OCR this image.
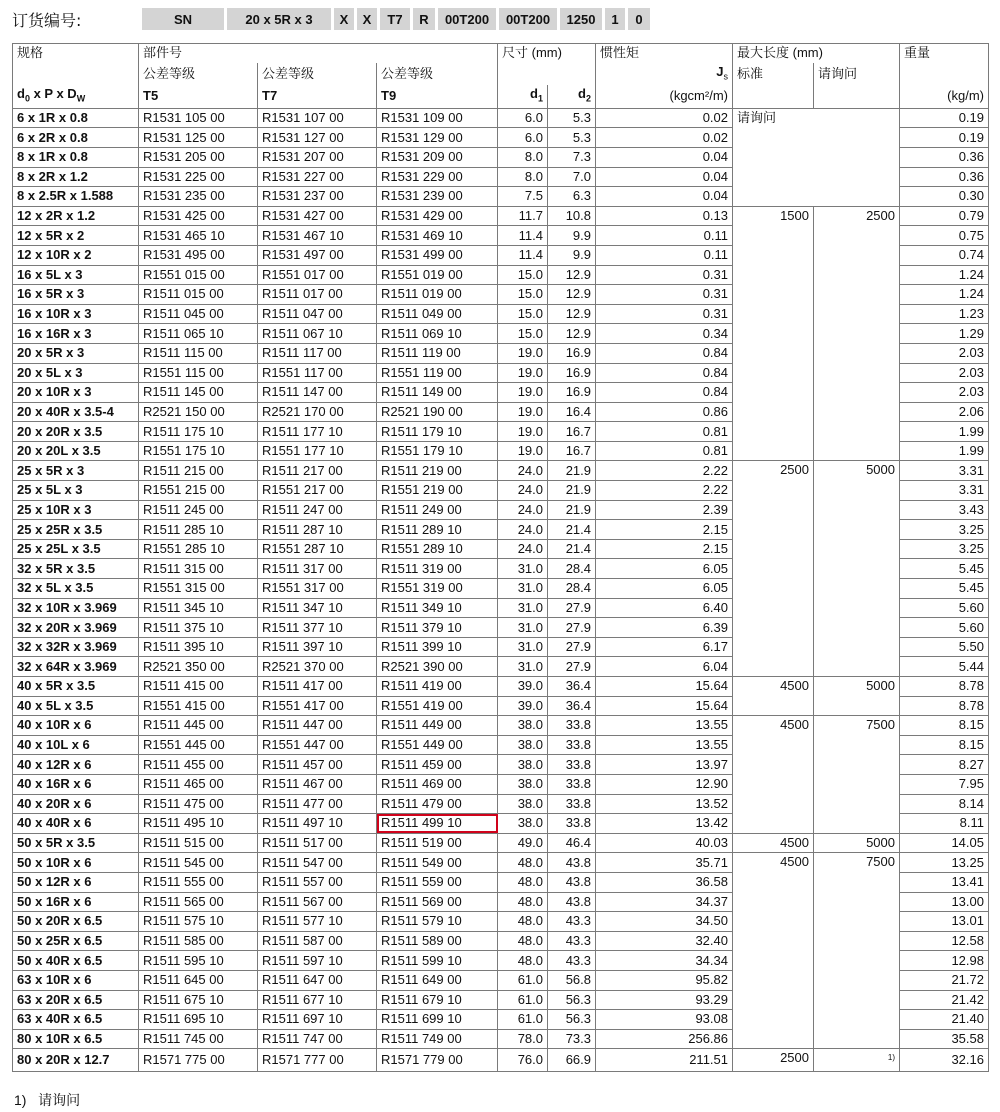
订货编号:	SN	20 x 5R x 3	X	X	T7	R	00T200	00T200	1250	1	0
规格	部件号			尺寸 (mm)		惯性矩	最大长度 (mm)		重量
	公差等级	公差等级	公差等级			$J_s$	标准	请询问	
$d_0$ x P x $D_W$	T5	T7	T9	$d_1$	$d_2$	(kgcm²/m)			(kg/m)
6 x 1R x 0.8	R1531 105 00	R1531 107 00	R1531 109 00	6.0	5.3	0.02	请询问		0.19
6 x 2R x 0.8	R1531 125 00	R1531 127 00	R1531 129 00	6.0	5.3	0.02			0.19
8 x 1R x 0.8	R1531 205 00	R1531 207 00	R1531 209 00	8.0	7.3	0.04			0.36
8 x 2R x 1.2	R1531 225 00	R1531 227 00	R1531 229 00	8.0	7.0	0.04			0.36
8 x 2.5R x 1.588	R1531 235 00	R1531 237 00	R1531 239 00	7.5	6.3	0.04			0.30
12 x 2R x 1.2	R1531 425 00	R1531 427 00	R1531 429 00	11.7	10.8	0.13	1500	2500	0.79
12 x 5R x 2	R1531 465 10	R1531 467 10	R1531 469 10	11.4	9.9	0.11			0.75
12 x 10R x 2	R1531 495 00	R1531 497 00	R1531 499 00	11.4	9.9	0.11			0.74
16 x 5L x 3	R1551 015 00	R1551 017 00	R1551 019 00	15.0	12.9	0.31			1.24
16 x 5R x 3	R1511 015 00	R1511 017 00	R1511 019 00	15.0	12.9	0.31			1.24
16 x 10R x 3	R1511 045 00	R1511 047 00	R1511 049 00	15.0	12.9	0.31			1.23
16 x 16R x 3	R1511 065 10	R1511 067 10	R1511 069 10	15.0	12.9	0.34			1.29
20 x 5R x 3	R1511 115 00	R1511 117 00	R1511 119 00	19.0	16.9	0.84			2.03
20 x 5L x 3	R1551 115 00	R1551 117 00	R1551 119 00	19.0	16.9	0.84			2.03
20 x 10R x 3	R1511 145 00	R1511 147 00	R1511 149 00	19.0	16.9	0.84			2.03
20 x 40R x 3.5-4	R2521 150 00	R2521 170 00	R2521 190 00	19.0	16.4	0.86			2.06
20 x 20R x 3.5	R1511 175 10	R1511 177 10	R1511 179 10	19.0	16.7	0.81			1.99
20 x 20L x 3.5	R1551 175 10	R1551 177 10	R1551 179 10	19.0	16.7	0.81			1.99
25 x 5R x 3	R1511 215 00	R1511 217 00	R1511 219 00	24.0	21.9	2.22	2500	5000	3.31
25 x 5L x 3	R1551 215 00	R1551 217 00	R1551 219 00	24.0	21.9	2.22			3.31
25 x 10R x 3	R1511 245 00	R1511 247 00	R1511 249 00	24.0	21.9	2.39			3.43
25 x 25R x 3.5	R1511 285 10	R1511 287 10	R1511 289 10	24.0	21.4	2.15			3.25
25 x 25L x 3.5	R1551 285 10	R1551 287 10	R1551 289 10	24.0	21.4	2.15			3.25
32 x 5R x 3.5	R1511 315 00	R1511 317 00	R1511 319 00	31.0	28.4	6.05			5.45
32 x 5L x 3.5	R1551 315 00	R1551 317 00	R1551 319 00	31.0	28.4	6.05			5.45
32 x 10R x 3.969	R1511 345 10	R1511 347 10	R1511 349 10	31.0	27.9	6.40			5.60
32 x 20R x 3.969	R1511 375 10	R1511 377 10	R1511 379 10	31.0	27.9	6.39			5.60
32 x 32R x 3.969	R1511 395 10	R1511 397 10	R1511 399 10	31.0	27.9	6.17			5.50
32 x 64R x 3.969	R2521 350 00	R2521 370 00	R2521 390 00	31.0	27.9	6.04			5.44
40 x 5R x 3.5	R1511 415 00	R1511 417 00	R1511 419 00	39.0	36.4	15.64	4500	5000	8.78
40 x 5L x 3.5	R1551 415 00	R1551 417 00	R1551 419 00	39.0	36.4	15.64			8.78
40 x 10R x 6	R1511 445 00	R1511 447 00	R1511 449 00	38.0	33.8	13.55	4500	7500	8.15
40 x 10L x 6	R1551 445 00	R1551 447 00	R1551 449 00	38.0	33.8	13.55			8.15
40 x 12R x 6	R1511 455 00	R1511 457 00	R1511 459 00	38.0	33.8	13.97			8.27
40 x 16R x 6	R1511 465 00	R1511 467 00	R1511 469 00	38.0	33.8	12.90			7.95
40 x 20R x 6	R1511 475 00	R1511 477 00	R1511 479 00	38.0	33.8	13.52			8.14
40 x 40R x 6	R1511 495 10	R1511 497 10	R1511 499 10	38.0	33.8	13.42			8.11
50 x 5R x 3.5	R1511 515 00	R1511 517 00	R1511 519 00	49.0	46.4	40.03	4500	5000	14.05
50 x 10R x 6	R1511 545 00	R1511 547 00	R1511 549 00	48.0	43.8	35.71	4500	7500	13.25
50 x 12R x 6	R1511 555 00	R1511 557 00	R1511 559 00	48.0	43.8	36.58			13.41
50 x 16R x 6	R1511 565 00	R1511 567 00	R1511 569 00	48.0	43.8	34.37			13.00
50 x 20R x 6.5	R1511 575 10	R1511 577 10	R1511 579 10	48.0	43.3	34.50			13.01
50 x 25R x 6.5	R1511 585 00	R1511 587 00	R1511 589 00	48.0	43.3	32.40			12.58
50 x 40R x 6.5	R1511 595 10	R1511 597 10	R1511 599 10	48.0	43.3	34.34			12.98
63 x 10R x 6	R1511 645 00	R1511 647 00	R1511 649 00	61.0	56.8	95.82			21.72
63 x 20R x 6.5	R1511 675 10	R1511 677 10	R1511 679 10	61.0	56.3	93.29			21.42
63 x 40R x 6.5	R1511 695 10	R1511 697 10	R1511 699 10	61.0	56.3	93.08			21.40
80 x 10R x 6.5	R1511 745 00	R1511 747 00	R1511 749 00	78.0	73.3	256.86			35.58
80 x 20R x 12.7	R1571 775 00	R1571 777 00	R1571 779 00	76.0	66.9	211.51	2500	$^{1)}$	32.16
1) 请询问
